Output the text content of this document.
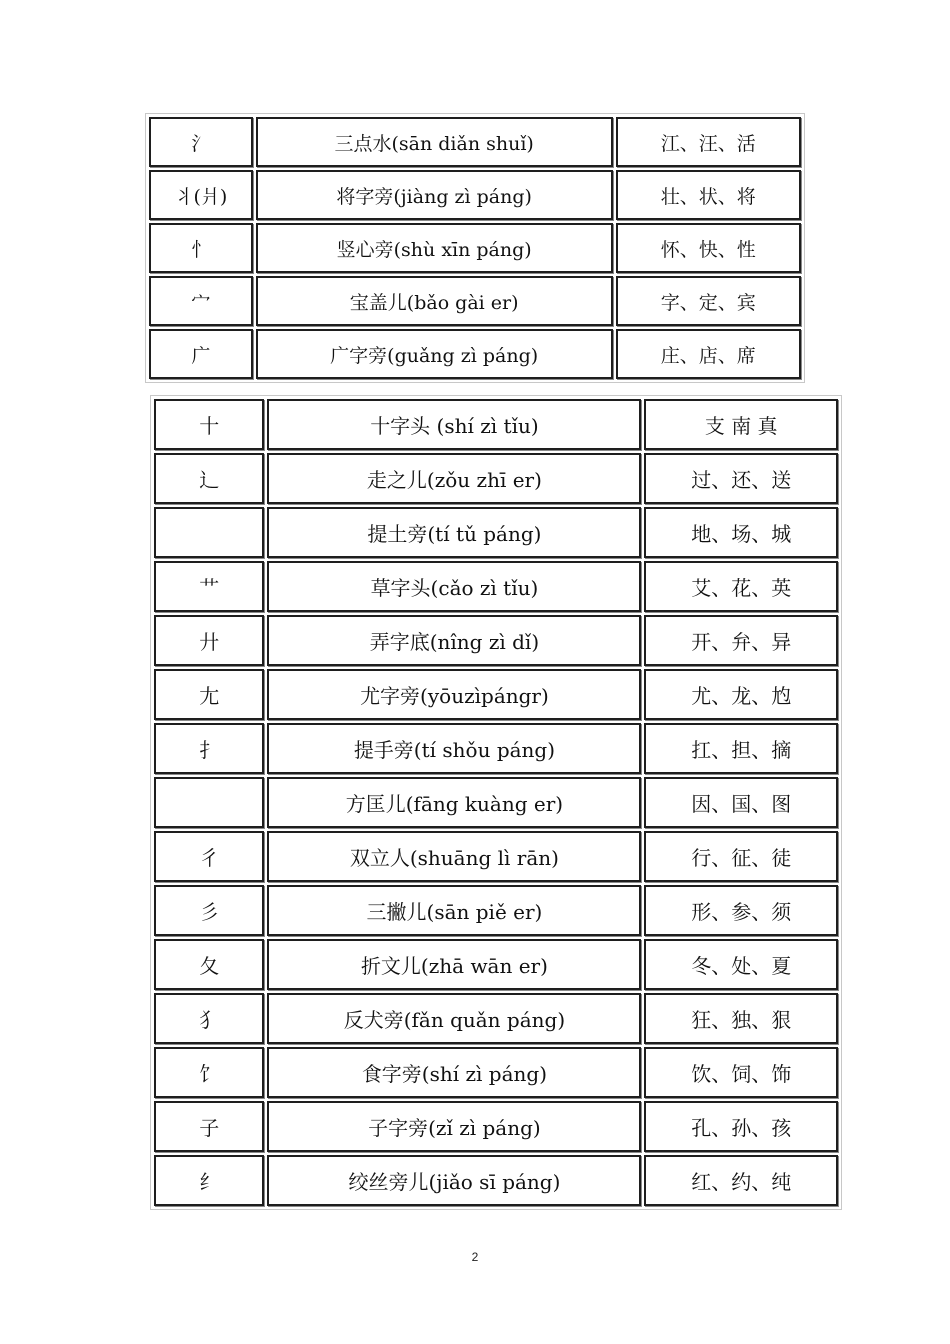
氵	三点水(sān diǎn shuǐ)	江、汪、活
丬(爿)	将字旁(jiàng zì páng)	壮、状、将
忄	竖心旁(shù xīn páng)	怀、快、性
宀	宝盖儿(bǎo gài er)	字、定、宾
广	广字旁(guǎng zì páng)	庄、店、席
十	十字头 (shí zì tǐu)	支 南 真
辶	走之儿(zǒu zhī er)	过、还、送
	提土旁(tí tǔ páng)	地、场、城
艹	草字头(cǎo zì tǐu)	艾、花、英
廾	弄字底(nîng zì dǐ)	开、弁、异
尢	尤字旁(yōuzìpángr)	尤、龙、尥
扌	提手旁(tí shǒu páng)	扛、担、摘
	方匡儿(fāng kuàng er)	因、国、图
彳	双立人(shuāng lì rān)	行、征、徒
彡	三撇儿(sān piě er)	形、参、须
夂	折文儿(zhā wān er)	冬、处、夏
犭	反犬旁(fǎn quǎn páng)	狂、独、狠
饣	食字旁(shí zì páng)	饮、饲、饰
子	子字旁(zǐ zì páng)	孔、孙、孩
纟	绞丝旁儿(jiǎo sī páng)	红、约、纯
2
